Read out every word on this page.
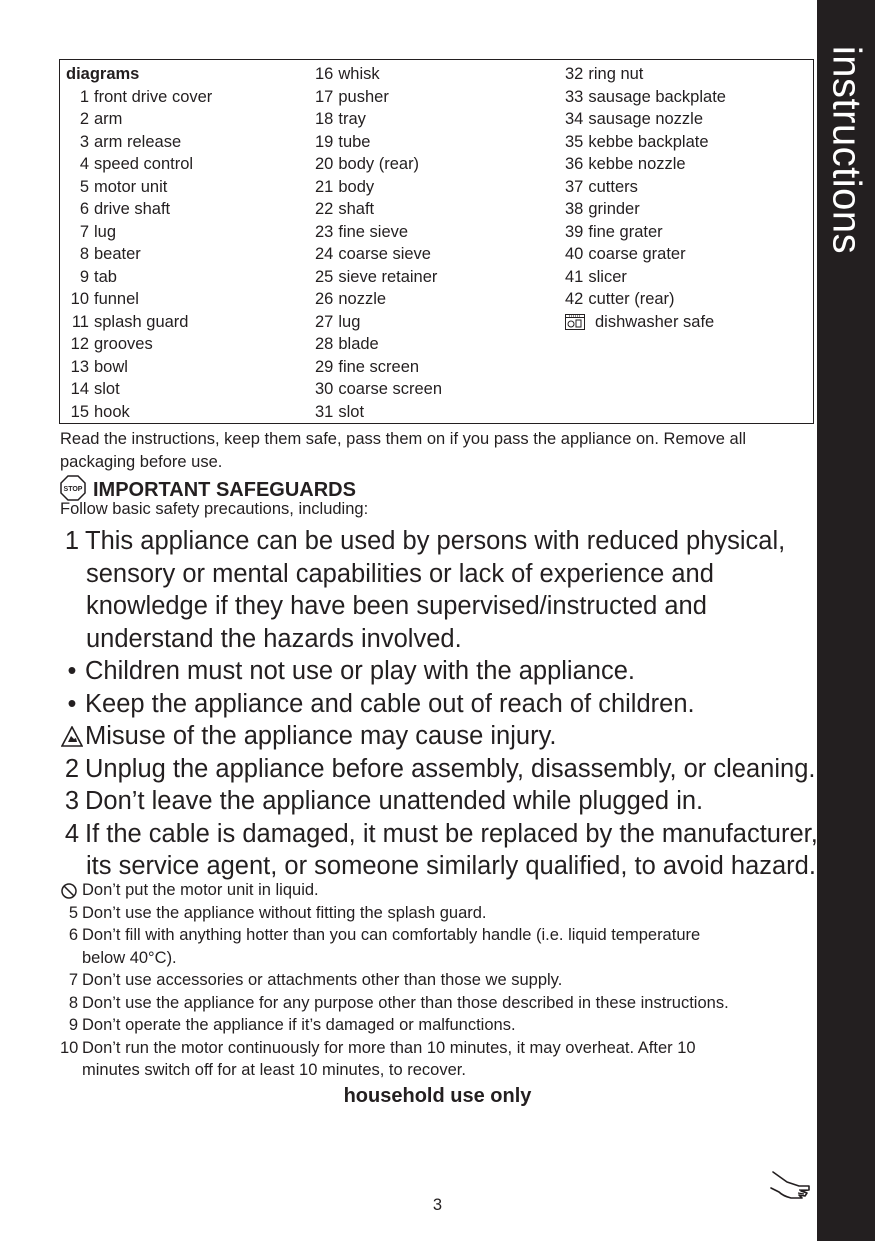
instructions
diagrams
1 front drive cover
2 arm
3 arm release
4 speed control
5 motor unit
6 drive shaft
7 lug
8 beater
9 tab
10 funnel
11 splash guard
12 grooves
13 bowl
14 slot
15 hook
16 whisk
17 pusher
18 tray
19 tube
20 body (rear)
21 body
22 shaft
23 fine sieve
24 coarse sieve
25 sieve retainer
26 nozzle
27 lug
28 blade
29 fine screen
30 coarse screen
31 slot
32 ring nut
33 sausage backplate
34 sausage nozzle
35 kebbe backplate
36 kebbe nozzle
37 cutters
38 grinder
39 fine grater
40 coarse grater
41 slicer
42 cutter (rear)
dishwasher safe
Read the instructions, keep them safe, pass them on if you pass the appliance on. Remove all packaging before use.
STOP IMPORTANT SAFEGUARDS
Follow basic safety precautions, including:
1 This appliance can be used by persons with reduced physical,
sensory or mental capabilities or lack of experience and
knowledge if they have been supervised/instructed and
understand the hazards involved.
• Children must not use or play with the appliance.
• Keep the appliance and cable out of reach of children.
Misuse of the appliance may cause injury.
2 Unplug the appliance before assembly, disassembly, or cleaning.
3 Don’t leave the appliance unattended while plugged in.
4 If the cable is damaged, it must be replaced by the manufacturer,
its service agent, or someone similarly qualified, to avoid hazard.
Don’t put the motor unit in liquid.
5 Don’t use the appliance without fitting the splash guard.
6 Don’t fill with anything hotter than you can comfortably handle (i.e. liquid temperature
below 40°C).
7 Don’t use accessories or attachments other than those we supply.
8 Don’t use the appliance for any purpose other than those described in these instructions.
9 Don’t operate the appliance if it’s damaged or malfunctions.
10 Don’t run the motor continuously for more than 10 minutes, it may overheat. After 10
minutes switch off for at least 10 minutes, to recover.
household use only
3
